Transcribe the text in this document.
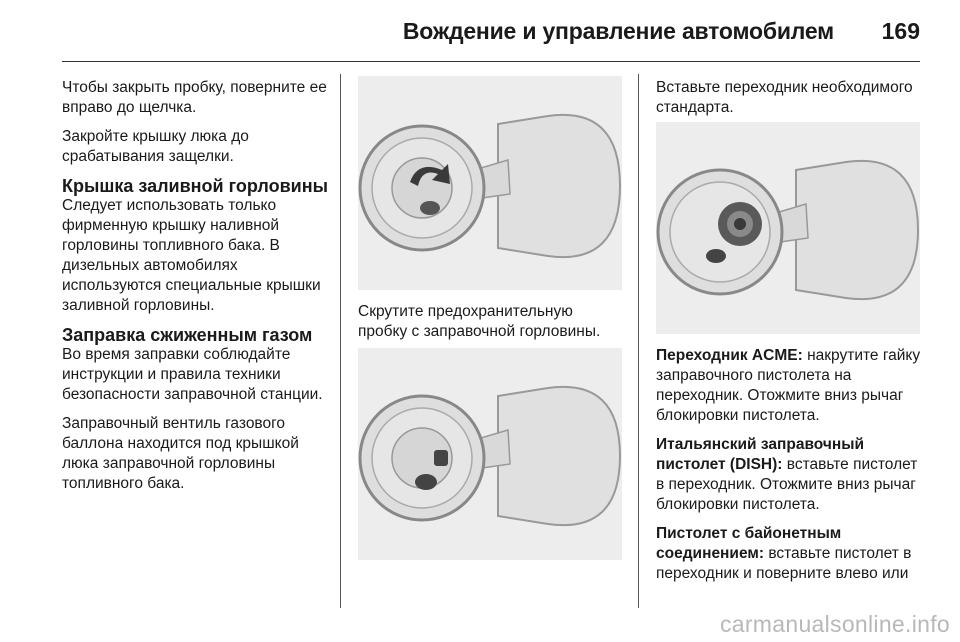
Вождение и управление автомобилем 169

Чтобы закрыть пробку, поверните ее вправо до щелчка.

Закройте крышку люка до срабатывания защелки.

Крышка заливной горловины

Следует использовать только фирменную крышку наливной горловины топливного бака. В дизельных автомобилях используются специальные крышки заливной горловины.

Заправка сжиженным газом

Во время заправки соблюдайте инструкции и правила техники безопасности заправочной станции.

Заправочный вентиль газового баллона находится под крышкой люка заправочной горловины топливного бака.

Скрутите предохранительную пробку с заправочной горловины.

Вставьте переходник необходимого стандарта.

Переходник ACME: накрутите гайку заправочного пистолета на переходник. Отожмите вниз рычаг блокировки пистолета.

Итальянский заправочный пистолет (DISH): вставьте пистолет в переходник. Отожмите вниз рычаг блокировки пистолета.

Пистолет с байонетным соединением: вставьте пистолет в переходник и поверните влево или

carmanualsonline.info
